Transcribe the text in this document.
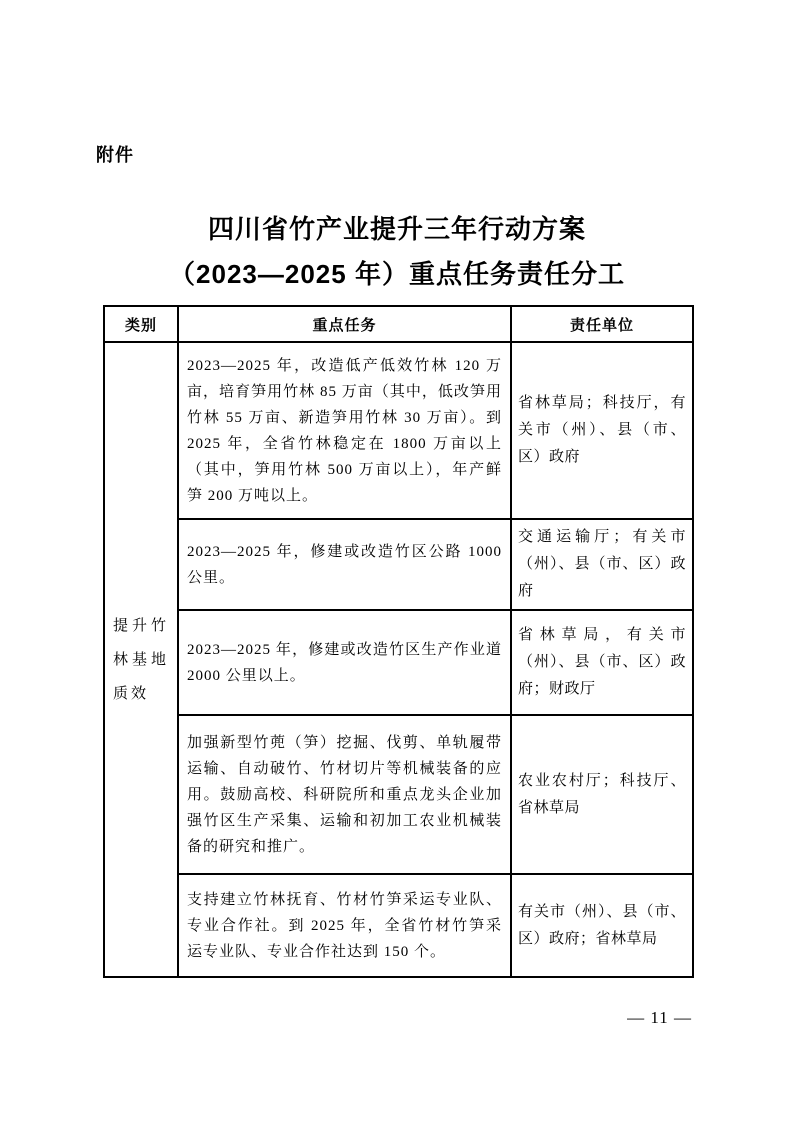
附件
四川省竹产业提升三年行动方案
（2023—2025 年）重点任务责任分工
类别	重点任务	责任单位
提升竹林基地质效	2023—2025 年，改造低产低效竹林 120 万亩，培育笋用竹林 85 万亩（其中，低改笋用竹林 55 万亩、新造笋用竹林 30 万亩）。到 2025 年，全省竹林稳定在 1800 万亩以上（其中，笋用竹林 500 万亩以上），年产鲜笋 200 万吨以上。	省林草局；科技厅，有关市（州）、县（市、区）政府
	2023—2025 年，修建或改造竹区公路 1000 公里。	交通运输厅；有关市（州）、县（市、区）政府
	2023—2025 年，修建或改造竹区生产作业道 2000 公里以上。	省林草局，有关市（州）、县（市、区）政府；财政厅
	加强新型竹蔸（笋）挖掘、伐剪、单轨履带运输、自动破竹、竹材切片等机械装备的应用。鼓励高校、科研院所和重点龙头企业加强竹区生产采集、运输和初加工农业机械装备的研究和推广。	农业农村厅；科技厅、省林草局
	支持建立竹林抚育、竹材竹笋采运专业队、专业合作社。到 2025 年，全省竹材竹笋采运专业队、专业合作社达到 150 个。	有关市（州）、县（市、区）政府；省林草局
— 11 —
